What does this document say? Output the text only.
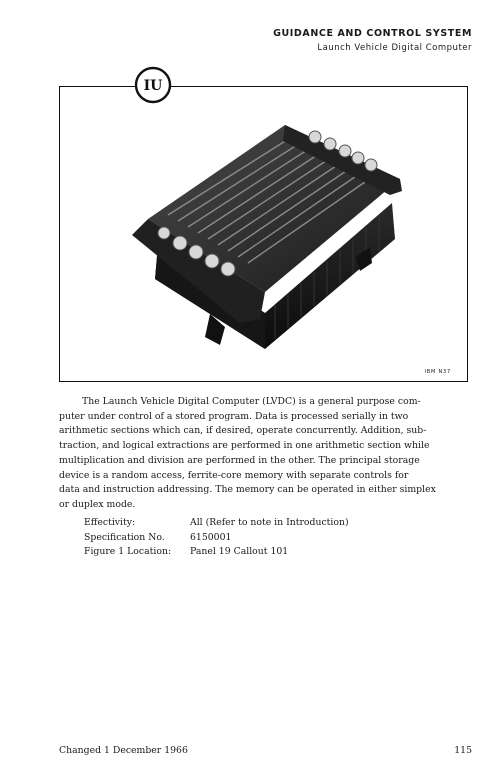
GUIDANCE AND CONTROL SYSTEM
Launch Vehicle Digital Computer
IBM N37
IU
The Launch Vehicle Digital Computer (LVDC) is a general purpose com-
puter under control of a stored program. Data is processed serially in two
arithmetic sections which can, if desired, operate concurrently. Addition, sub-
traction, and logical extractions are performed in one arithmetic section while
multiplication and division are performed in the other. The principal storage
device is a random access, ferrite-core memory with separate controls for
data and instruction addressing. The memory can be operated in either simplex
or duplex mode.
Effectivity:	All (Refer to note in Introduction)
Specification No.	6150001
Figure 1 Location:	Panel 19 Callout 101
Changed 1 December 1966	115
